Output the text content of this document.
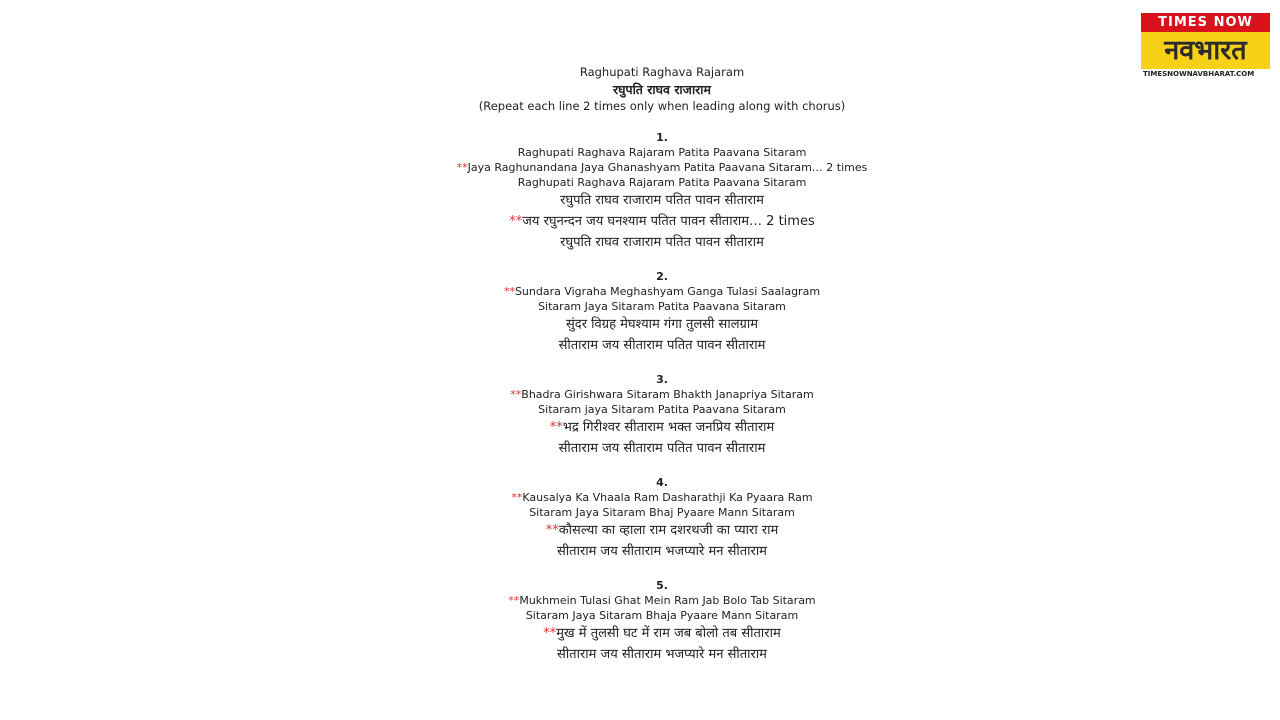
TIMES NOW
नवभारत
TIMESNOWNAVBHARAT.COM
Raghupati Raghava Rajaram
रघुपति राघव राजाराम
(Repeat each line 2 times only when leading along with chorus)
1.
Raghupati Raghava Rajaram Patita Paavana Sitaram
**Jaya Raghunandana Jaya Ghanashyam Patita Paavana Sitaram… 2 times
Raghupati Raghava Rajaram Patita Paavana Sitaram
रघुपति राघव राजाराम पतित पावन सीताराम
**जय रघुनन्दन जय घनश्याम पतित पावन सीताराम… 2 times
रघुपति राघव राजाराम पतित पावन सीताराम
2.
**Sundara Vigraha Meghashyam Ganga Tulasi Saalagram
Sitaram Jaya Sitaram Patita Paavana Sitaram
सुंदर विग्रह मेघश्याम गंगा तुलसी सालग्राम
सीताराम जय सीताराम पतित पावन सीताराम
3.
**Bhadra Girishwara Sitaram Bhakth Janapriya Sitaram
Sitaram jaya Sitaram Patita Paavana Sitaram
**भद्र गिरीश्वर सीताराम भक्त जनप्रिय सीताराम
सीताराम जय सीताराम पतित पावन सीताराम
4.
**Kausalya Ka Vhaala Ram Dasharathji Ka Pyaara Ram
Sitaram Jaya Sitaram Bhaj Pyaare Mann Sitaram
**कौसल्या का व्हाला राम दशरथजी का प्यारा राम
सीताराम जय सीताराम भजप्यारे मन सीताराम
5.
**Mukhmein Tulasi Ghat Mein Ram Jab Bolo Tab Sitaram
Sitaram Jaya Sitaram Bhaja Pyaare Mann Sitaram
**मुख में तुलसी घट में राम जब बोलो तब सीताराम
सीताराम जय सीताराम भजप्यारे मन सीताराम
